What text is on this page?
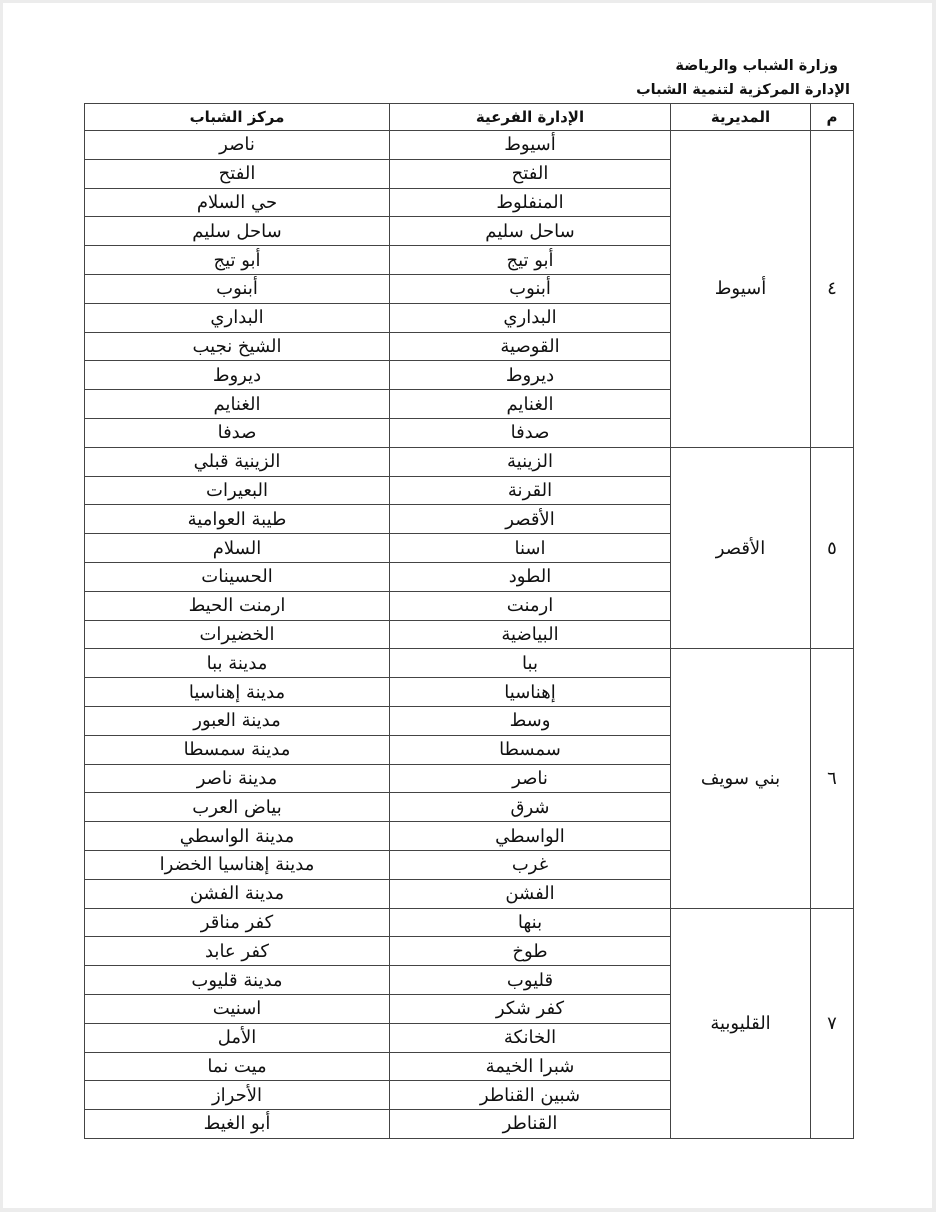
وزارة الشباب والرياضة
الإدارة المركزية لتنمية الشباب
م	المديرية	الإدارة الفرعية	مركز الشباب
٤	أسيوط	أسيوط	ناصر
		الفتح	الفتح
		المنفلوط	حي السلام
		ساحل سليم	ساحل سليم
		أبو تيج	أبو تيج
		أبنوب	أبنوب
		البداري	البداري
		القوصية	الشيخ نجيب
		ديروط	ديروط
		الغنايم	الغنايم
		صدفا	صدفا
٥	الأقصر	الزينية	الزينية قبلي
		القرنة	البعيرات
		الأقصر	طيبة العوامية
		اسنا	السلام
		الطود	الحسينات
		ارمنت	ارمنت الحيط
		البياضية	الخضيرات
٦	بني سويف	ببا	مدينة ببا
		إهناسيا	مدينة إهناسيا
		وسط	مدينة العبور
		سمسطا	مدينة سمسطا
		ناصر	مدينة ناصر
		شرق	بياض العرب
		الواسطي	مدينة الواسطي
		غرب	مدينة إهناسيا الخضرا
		الفشن	مدينة الفشن
٧	القليوبية	بنها	كفر مناقر
		طوخ	كفر عابد
		قليوب	مدينة قليوب
		كفر شكر	اسنيت
		الخانكة	الأمل
		شبرا الخيمة	ميت نما
		شبين القناطر	الأحراز
		القناطر	أبو الغيط
